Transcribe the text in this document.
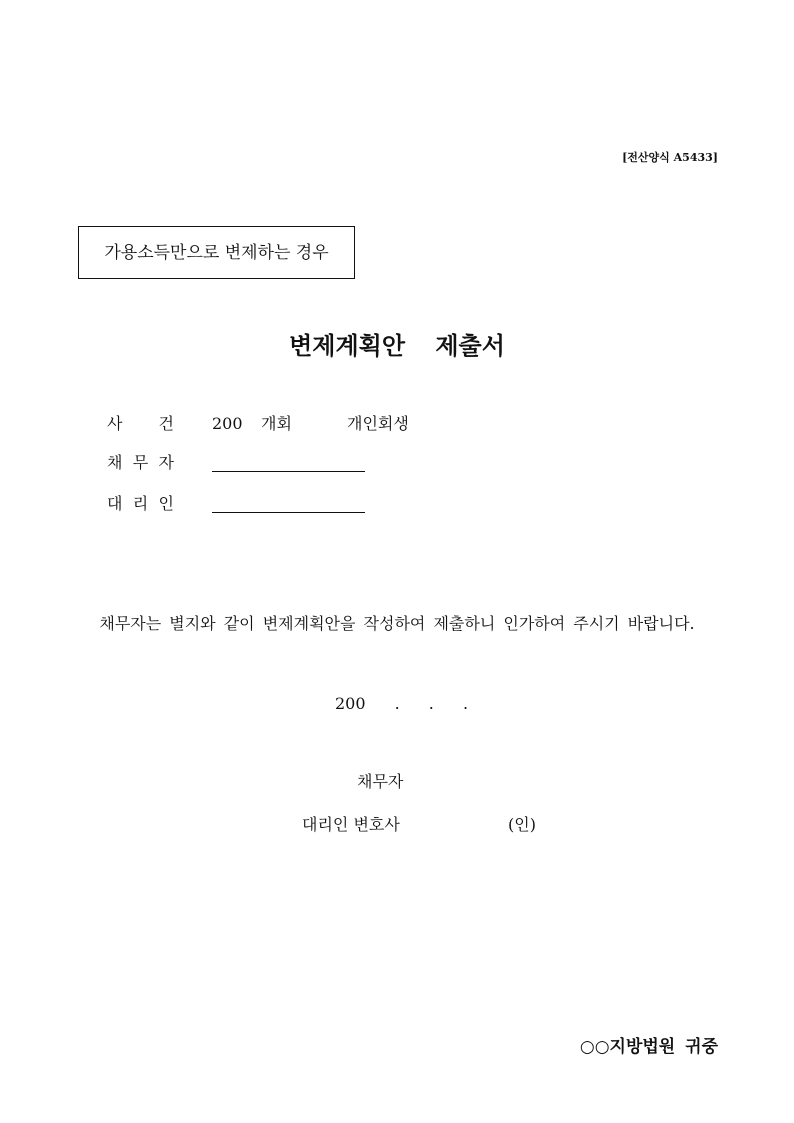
[전산양식 A5433]
가용소득만으로 변제하는 경우
변제계획안 제출서
사 건 200 개회	개인회생
채 무 자
대 리 인
채무자는 별지와 같이 변제계획안을 작성하여 제출하니 인가하여 주시기 바랍니다.
200 . . .
채무자
대리인 변호사	(인)
○○지방법원 귀중
